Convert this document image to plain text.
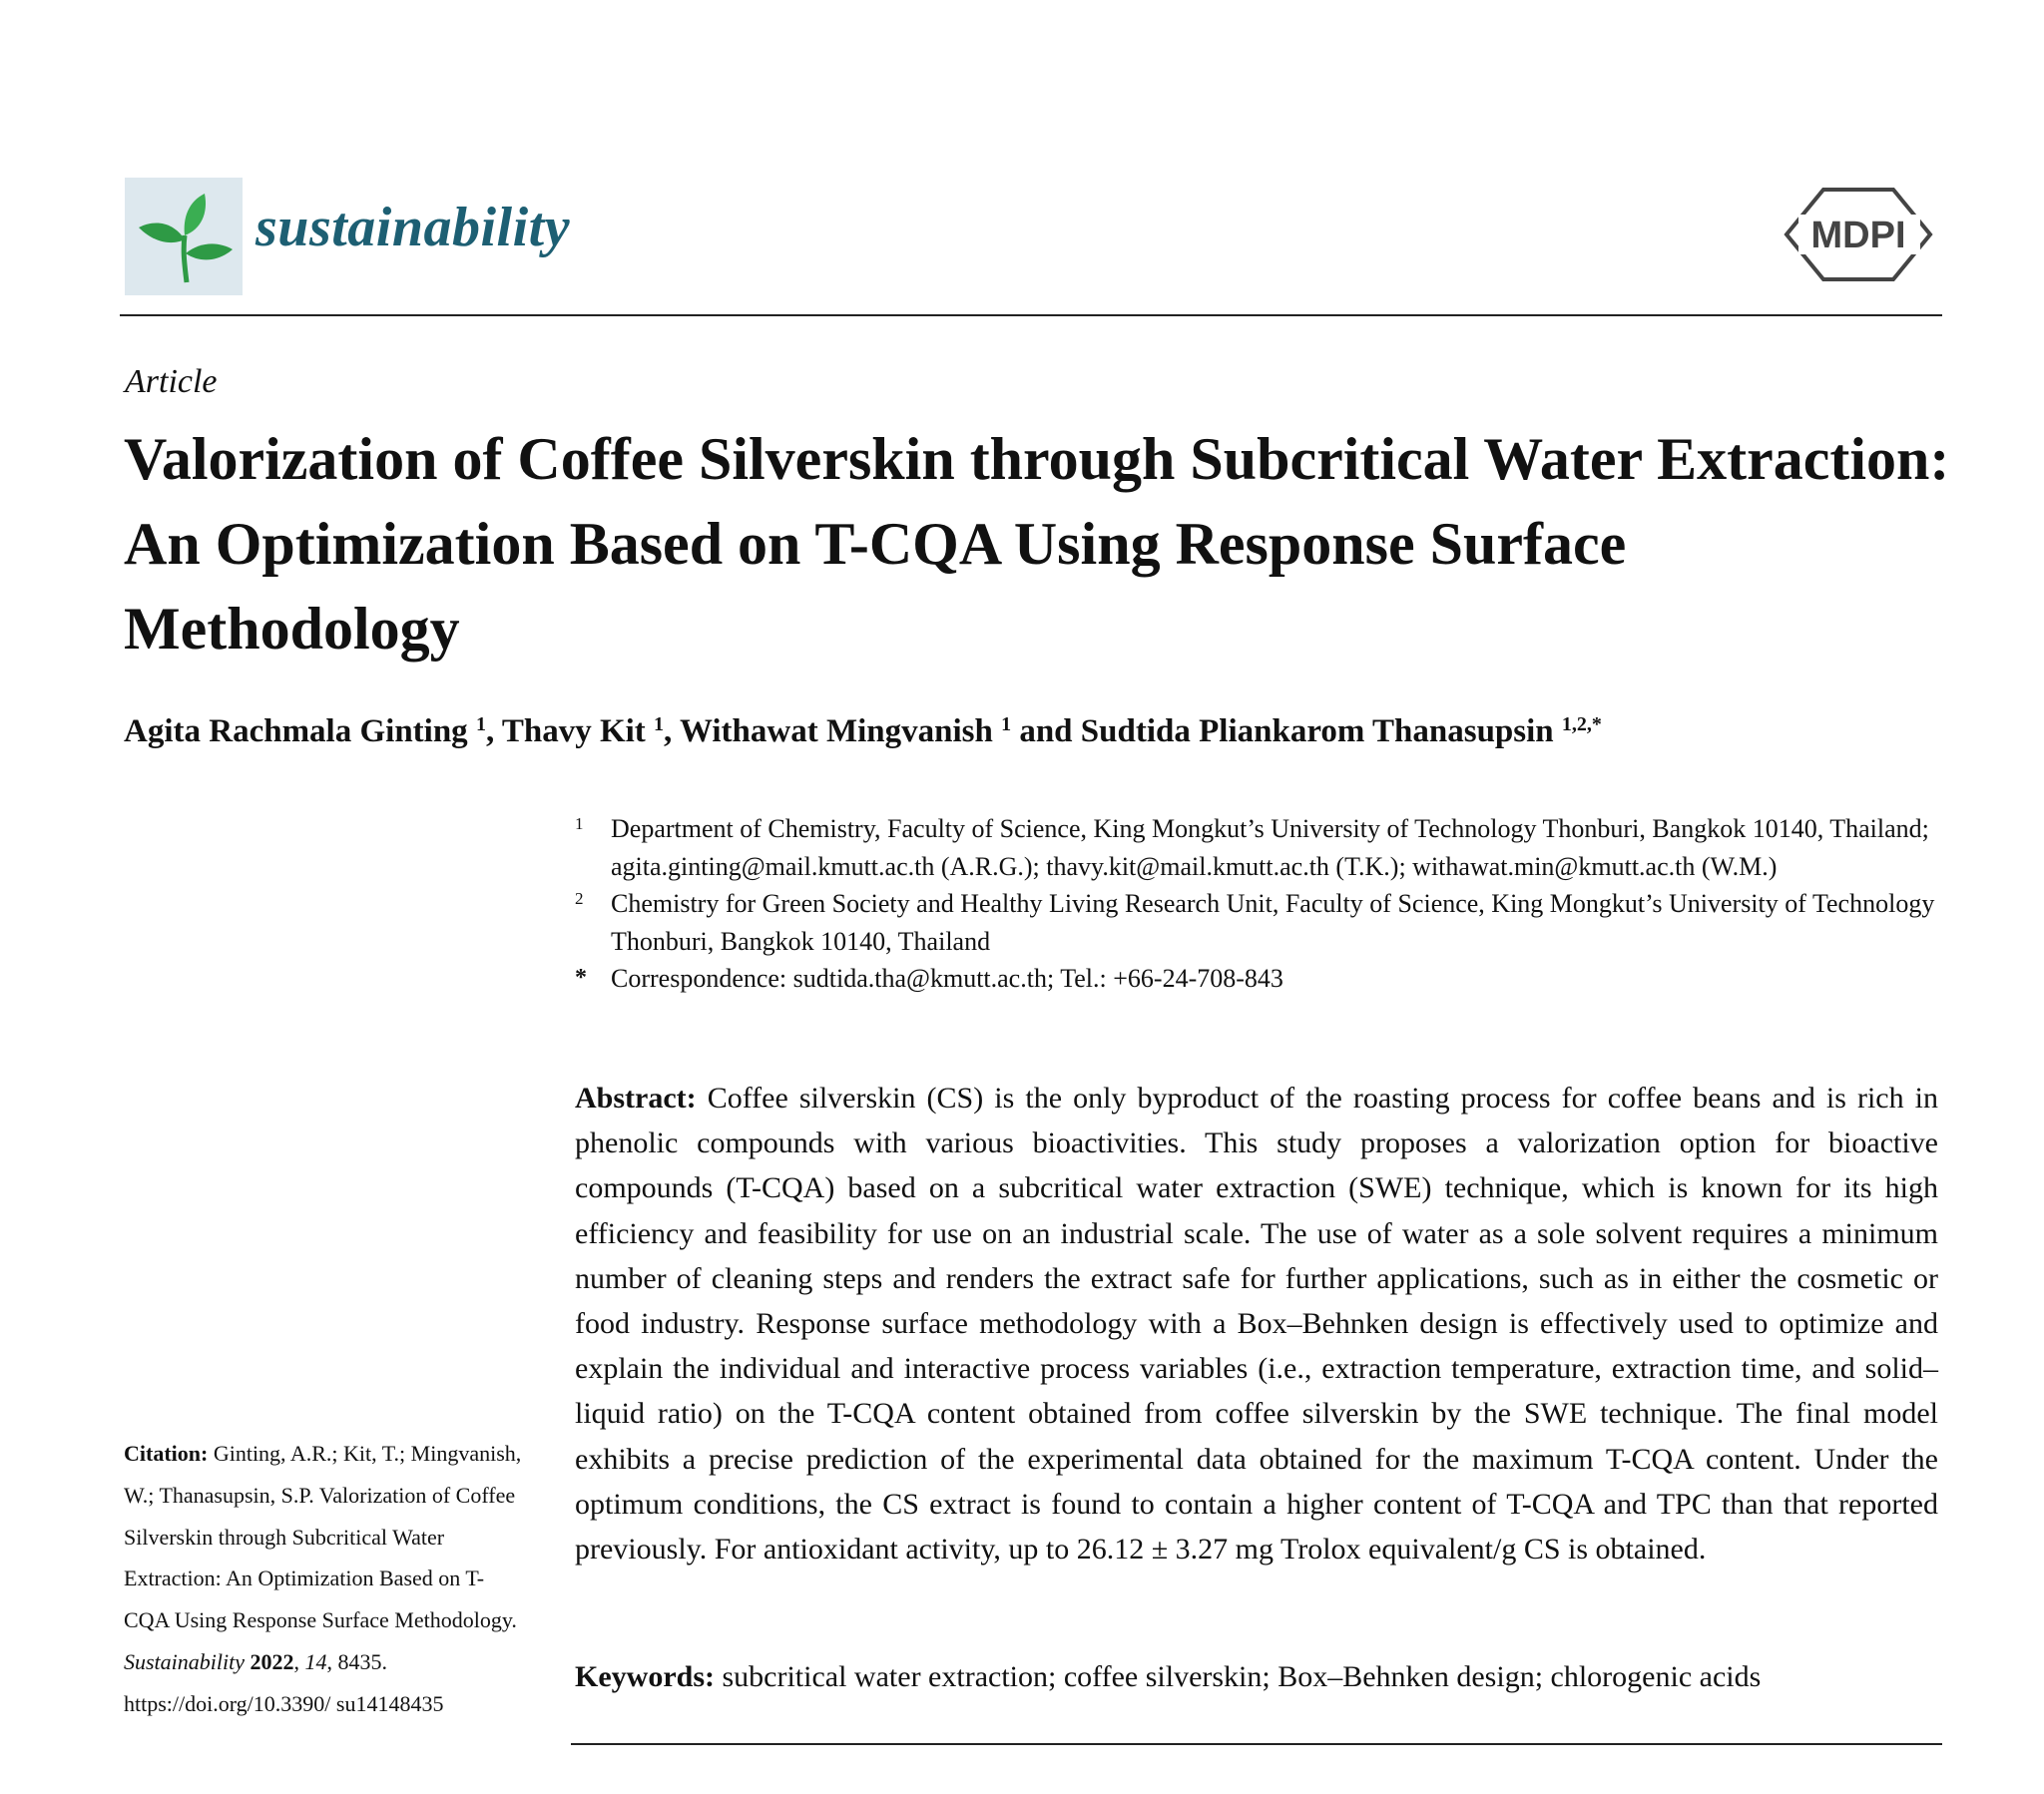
sustainability	MDPI
Article
Valorization of Coffee Silverskin through Subcritical Water Extraction: An Optimization Based on T-CQA Using Response Surface Methodology

Agita Rachmala Ginting $^1$, Thavy Kit $^1$, Withawat Mingvanish $^1$ and Sudtida Pliankarom Thanasupsin $^{1,2,*}$

1 Department of Chemistry, Faculty of Science, King Mongkut’s University of Technology Thonburi, Bangkok 10140, Thailand; agita.ginting@mail.kmutt.ac.th (A.R.G.); thavy.kit@mail.kmutt.ac.th (T.K.); withawat.min@kmutt.ac.th (W.M.)
2 Chemistry for Green Society and Healthy Living Research Unit, Faculty of Science, King Mongkut’s University of Technology Thonburi, Bangkok 10140, Thailand
* Correspondence: sudtida.tha@kmutt.ac.th; Tel.: +66-24-708-843

Abstract: Coffee silverskin (CS) is the only byproduct of the roasting process for coffee beans and is rich in phenolic compounds with various bioactivities. This study proposes a valorization option for bioactive compounds (T-CQA) based on a subcritical water extraction (SWE) technique, which is known for its high efficiency and feasibility for use on an industrial scale. The use of water as a sole solvent requires a minimum number of cleaning steps and renders the extract safe for further applications, such as in either the cosmetic or food industry. Response surface methodology with a Box–Behnken design is effectively used to optimize and explain the individual and interactive process variables (i.e., extraction temperature, extraction time, and solid–liquid ratio) on the T-CQA content obtained from coffee silverskin by the SWE technique. The final model exhibits a precise prediction of the experimental data obtained for the maximum T-CQA content. Under the optimum conditions, the CS extract is found to contain a higher content of T-CQA and TPC than that reported previously. For antioxidant activity, up to 26.12 ± 3.27 mg Trolox equivalent/g CS is obtained.

Keywords: subcritical water extraction; coffee silverskin; Box–Behnken design; chlorogenic acids

Citation: Ginting, A.R.; Kit, T.; Mingvanish, W.; Thanasupsin, S.P. Valorization of Coffee Silverskin through Subcritical Water Extraction: An Optimization Based on T-CQA Using Response Surface Methodology. Sustainability 2022, 14, 8435. https://doi.org/10.3390/ su14148435
